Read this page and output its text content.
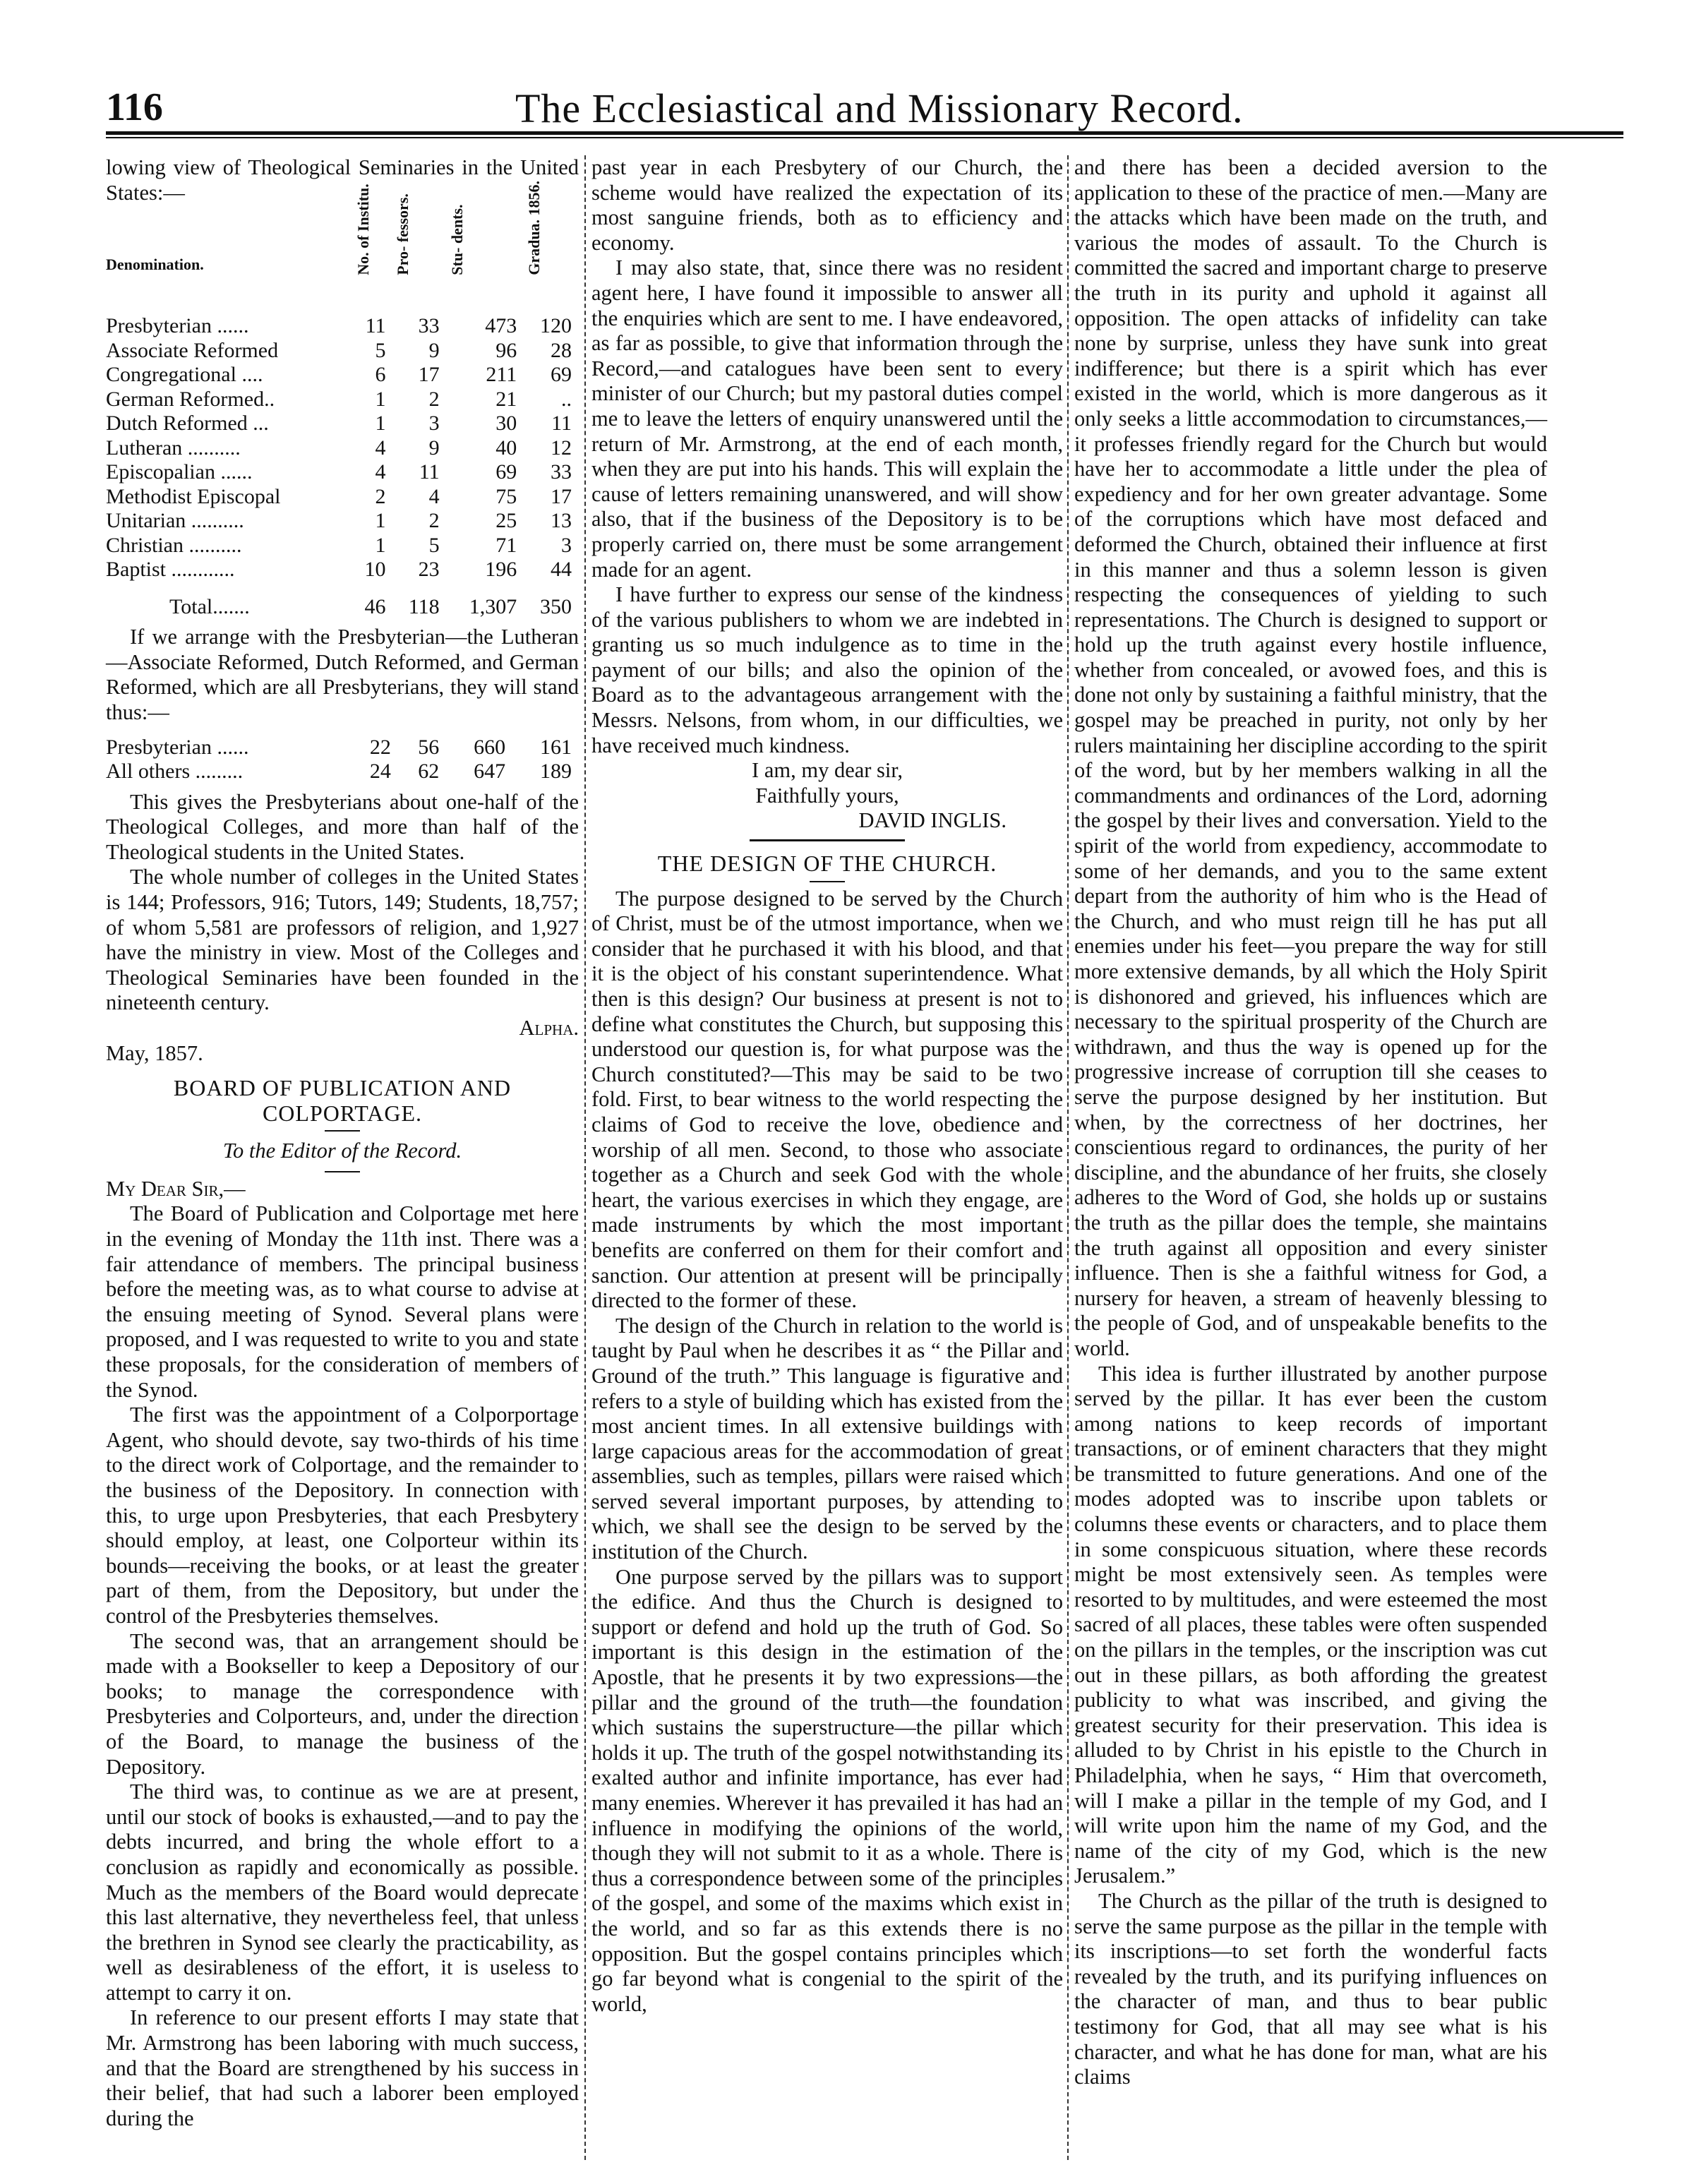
116	The Ecclesiastical and Missionary Record.

lowing view of Theological Seminaries in the United States:—

Denomination.	No. of Institu.	Pro- fessors.	Stu- dents.	Gradua. 1856.
Presbyterian ......	11	33	473	120
Associate Reformed	5	9	96	28
Congregational ....	6	17	211	69
German Reformed..	1	2	21	..
Dutch Reformed ...	1	3	30	11
Lutheran ..........	4	9	40	12
Episcopalian ......	4	11	69	33
Methodist Episcopal	2	4	75	17
Unitarian ..........	1	2	25	13
Christian ..........	1	5	71	3
Baptist ............	10	23	196	44
Total.......	46	118	1,307	350

If we arrange with the Presbyterian—the Lutheran—Associate Reformed, Dutch Reformed, and German Reformed, which are all Presbyterians, they will stand thus:—

Presbyterian ......	22	56	660	161
All others .........	24	62	647	189

This gives the Presbyterians about one-half of the Theological Colleges, and more than half of the Theological students in the United States.

The whole number of colleges in the United States is 144; Professors, 916; Tutors, 149; Students, 18,757; of whom 5,581 are professors of religion, and 1,927 have the ministry in view. Most of the Colleges and Theological Seminaries have been founded in the nineteenth century.

Alpha.

May, 1857.

BOARD OF PUBLICATION AND COLPORTAGE.
To the Editor of the Record.

My Dear Sir,—

The Board of Publication and Colportage met here in the evening of Monday the 11th inst. There was a fair attendance of members. The principal business before the meeting was, as to what course to advise at the ensuing meeting of Synod. Several plans were proposed, and I was requested to write to you and state these proposals, for the consideration of members of the Synod.

The first was the appointment of a Colporportage Agent, who should devote, say two-thirds of his time to the direct work of Colportage, and the remainder to the business of the Depository. In connection with this, to urge upon Presbyteries, that each Presbytery should employ, at least, one Colporteur within its bounds—receiving the books, or at least the greater part of them, from the Depository, but under the control of the Presbyteries themselves.

The second was, that an arrangement should be made with a Bookseller to keep a Depository of our books; to manage the correspondence with Presbyteries and Colporteurs, and, under the direction of the Board, to manage the business of the Depository.

The third was, to continue as we are at present, until our stock of books is exhausted,—and to pay the debts incurred, and bring the whole effort to a conclusion as rapidly and economically as possible. Much as the members of the Board would deprecate this last alternative, they nevertheless feel, that unless the brethren in Synod see clearly the practicability, as well as desirableness of the effort, it is useless to attempt to carry it on.

In reference to our present efforts I may state that Mr. Armstrong has been laboring with much success, and that the Board are strengthened by his success in their belief, that had such a laborer been employed during the

past year in each Presbytery of our Church, the scheme would have realized the expectation of its most sanguine friends, both as to efficiency and economy.

I may also state, that, since there was no resident agent here, I have found it impossible to answer all the enquiries which are sent to me. I have endeavored, as far as possible, to give that information through the Record,—and catalogues have been sent to every minister of our Church; but my pastoral duties compel me to leave the letters of enquiry unanswered until the return of Mr. Armstrong, at the end of each month, when they are put into his hands. This will explain the cause of letters remaining unanswered, and will show also, that if the business of the Depository is to be properly carried on, there must be some arrangement made for an agent.

I have further to express our sense of the kindness of the various publishers to whom we are indebted in granting us so much indulgence as to time in the payment of our bills; and also the opinion of the Board as to the advantageous arrangement with the Messrs. Nelsons, from whom, in our difficulties, we have received much kindness.

I am, my dear sir,

Faithfully yours,

DAVID INGLIS.

THE DESIGN OF THE CHURCH.

The purpose designed to be served by the Church of Christ, must be of the utmost importance, when we consider that he purchased it with his blood, and that it is the object of his constant superintendence. What then is this design? Our business at present is not to define what constitutes the Church, but supposing this understood our question is, for what purpose was the Church constituted?—This may be said to be two fold. First, to bear witness to the world respecting the claims of God to receive the love, obedience and worship of all men. Second, to those who associate together as a Church and seek God with the whole heart, the various exercises in which they engage, are made instruments by which the most important benefits are conferred on them for their comfort and sanction. Our attention at present will be principally directed to the former of these.

The design of the Church in relation to the world is taught by Paul when he describes it as “ the Pillar and Ground of the truth.” This language is figurative and refers to a style of building which has existed from the most ancient times. In all extensive buildings with large capacious areas for the accommodation of great assemblies, such as temples, pillars were raised which served several important purposes, by attending to which, we shall see the design to be served by the institution of the Church.

One purpose served by the pillars was to support the edifice. And thus the Church is designed to support or defend and hold up the truth of God. So important is this design in the estimation of the Apostle, that he presents it by two expressions—the pillar and the ground of the truth—the foundation which sustains the superstructure—the pillar which holds it up. The truth of the gospel notwithstanding its exalted author and infinite importance, has ever had many enemies. Wherever it has prevailed it has had an influence in modifying the opinions of the world, though they will not submit to it as a whole. There is thus a correspondence between some of the principles of the gospel, and some of the maxims which exist in the world, and so far as this extends there is no opposition. But the gospel contains principles which go far beyond what is congenial to the spirit of the world,

and there has been a decided aversion to the application to these of the practice of men.—Many are the attacks which have been made on the truth, and various the modes of assault. To the Church is committed the sacred and important charge to preserve the truth in its purity and uphold it against all opposition. The open attacks of infidelity can take none by surprise, unless they have sunk into great indifference; but there is a spirit which has ever existed in the world, which is more dangerous as it only seeks a little accommodation to circumstances,—it professes friendly regard for the Church but would have her to accommodate a little under the plea of expediency and for her own greater advantage. Some of the corruptions which have most defaced and deformed the Church, obtained their influence at first in this manner and thus a solemn lesson is given respecting the consequences of yielding to such representations. The Church is designed to support or hold up the truth against every hostile influence, whether from concealed, or avowed foes, and this is done not only by sustaining a faithful ministry, that the gospel may be preached in purity, not only by her rulers maintaining her discipline according to the spirit of the word, but by her members walking in all the commandments and ordinances of the Lord, adorning the gospel by their lives and conversation. Yield to the spirit of the world from expediency, accommodate to some of her demands, and you to the same extent depart from the authority of him who is the Head of the Church, and who must reign till he has put all enemies under his feet—you prepare the way for still more extensive demands, by all which the Holy Spirit is dishonored and grieved, his influences which are necessary to the spiritual prosperity of the Church are withdrawn, and thus the way is opened up for the progressive increase of corruption till she ceases to serve the purpose designed by her institution. But when, by the correctness of her doctrines, her conscientious regard to ordinances, the purity of her discipline, and the abundance of her fruits, she closely adheres to the Word of God, she holds up or sustains the truth as the pillar does the temple, she maintains the truth against all opposition and every sinister influence. Then is she a faithful witness for God, a nursery for heaven, a stream of heavenly blessing to the people of God, and of unspeakable benefits to the world.

This idea is further illustrated by another purpose served by the pillar. It has ever been the custom among nations to keep records of important transactions, or of eminent characters that they might be transmitted to future generations. And one of the modes adopted was to inscribe upon tablets or columns these events or characters, and to place them in some conspicuous situation, where these records might be most extensively seen. As temples were resorted to by multitudes, and were esteemed the most sacred of all places, these tables were often suspended on the pillars in the temples, or the inscription was cut out in these pillars, as both affording the greatest publicity to what was inscribed, and giving the greatest security for their preservation. This idea is alluded to by Christ in his epistle to the Church in Philadelphia, when he says, “ Him that overcometh, will I make a pillar in the temple of my God, and I will write upon him the name of my God, and the name of the city of my God, which is the new Jerusalem.”

The Church as the pillar of the truth is designed to serve the same purpose as the pillar in the temple with its inscriptions—to set forth the wonderful facts revealed by the truth, and its purifying influences on the character of man, and thus to bear public testimony for God, that all may see what is his character, and what he has done for man, what are his claims
